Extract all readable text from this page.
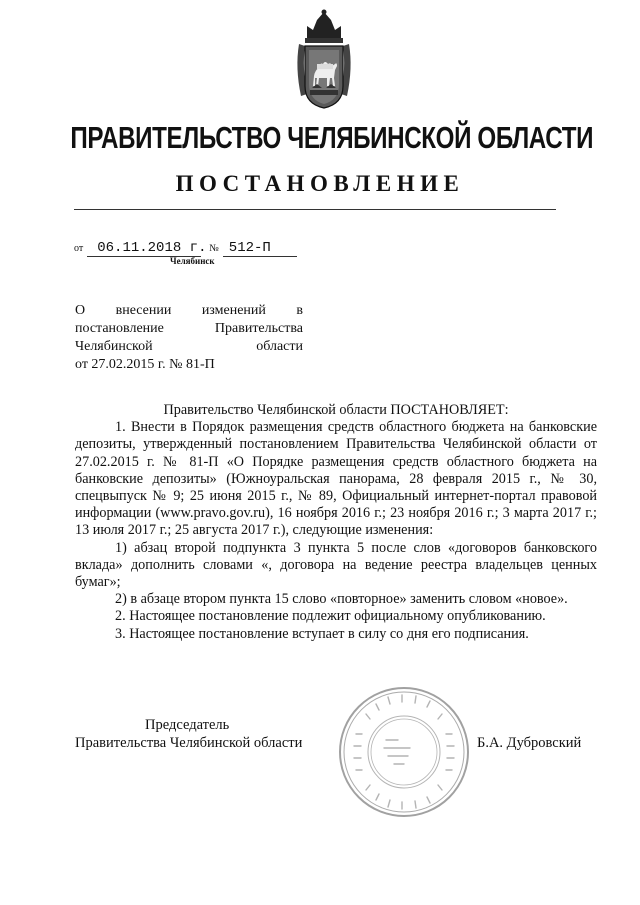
ПРАВИТЕЛЬСТВО ЧЕЛЯБИНСКОЙ ОБЛАСТИ
ПОСТАНОВЛЕНИЕ
от 06.11.2018 г. № 512-П
Челябинск
О внесении изменений в
постановление	Правительства
Челябинской	области
от 27.02.2015 г. № 81-П

Правительство Челябинской области ПОСТАНОВЛЯЕТ:

1. Внести в Порядок размещения средств областного бюджета на банковские депозиты, утвержденный постановлением Правительства Челябинской области от 27.02.2015 г. № 81-П «О Порядке размещения средств областного бюджета на банковские депозиты» (Южноуральская панорама, 28 февраля 2015 г., № 30, спецвыпуск № 9; 25 июня 2015 г., № 89, Официальный интернет-портал правовой информации (www.pravo.gov.ru), 16 ноября 2016 г.; 23 ноября 2016 г.; 3 марта 2017 г.; 13 июля 2017 г.; 25 августа 2017 г.), следующие изменения:

1) абзац второй подпункта 3 пункта 5 после слов «договоров банковского вклада» дополнить словами «, договора на ведение реестра владельцев ценных бумаг»;

2) в абзаце втором пункта 15 слово «повторное» заменить словом «новое».

2. Настоящее постановление подлежит официальному опубликованию.

3. Настоящее постановление вступает в силу со дня его подписания.

Председатель
Правительства Челябинской области	Б.А. Дубровский
